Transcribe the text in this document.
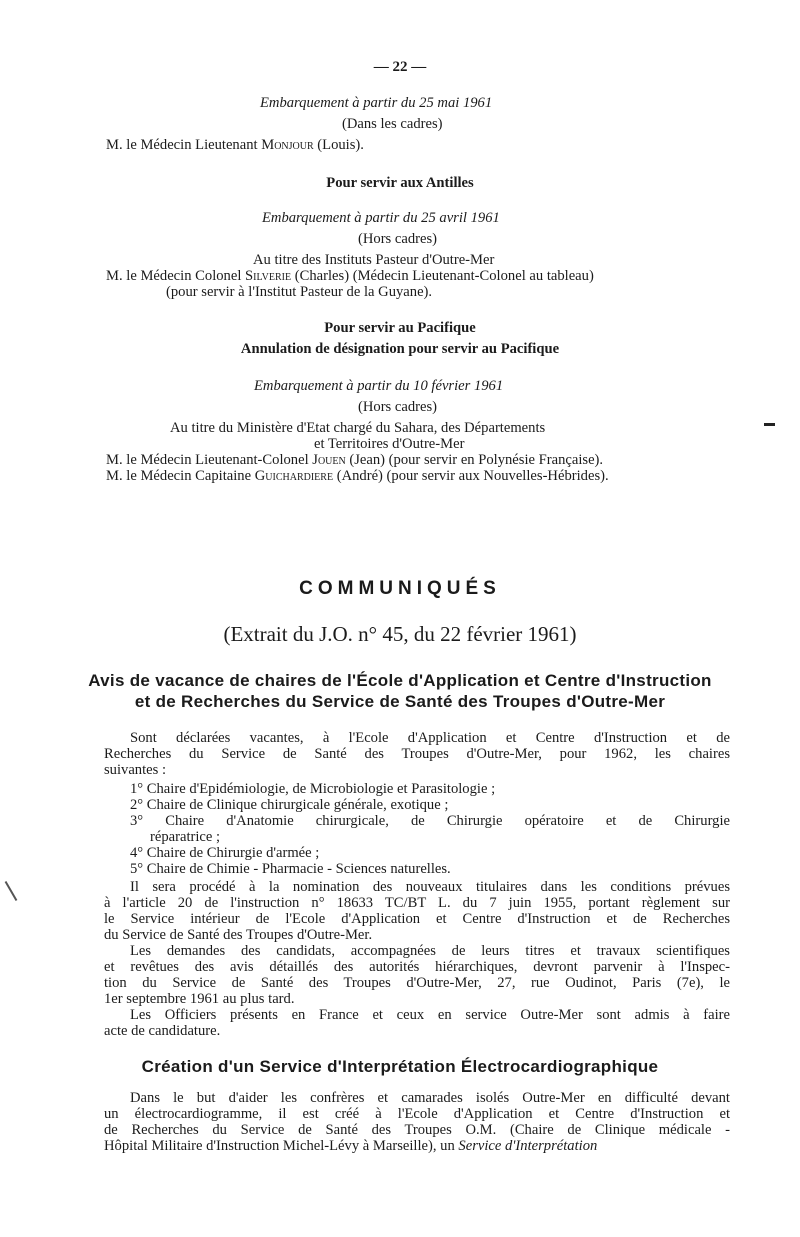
— 22 —
Embarquement à partir du 25 mai 1961
(Dans les cadres)
M. le Médecin Lieutenant Monjour (Louis).
Pour servir aux Antilles
Embarquement à partir du 25 avril 1961
(Hors cadres)
Au titre des Instituts Pasteur d'Outre-Mer
M. le Médecin Colonel Silverie (Charles) (Médecin Lieutenant-Colonel au tableau)
(pour servir à l'Institut Pasteur de la Guyane).
Pour servir au Pacifique
Annulation de désignation pour servir au Pacifique
Embarquement à partir du 10 février 1961
(Hors cadres)
Au titre du Ministère d'Etat chargé du Sahara, des Départements
et Territoires d'Outre-Mer
M. le Médecin Lieutenant-Colonel Jouen (Jean) (pour servir en Polynésie Française).
M. le Médecin Capitaine Guichardiere (André) (pour servir aux Nouvelles-Hébrides).
COMMUNIQUÉS
(Extrait du J.O. n° 45, du 22 février 1961)
Avis de vacance de chaires de l'École d'Application et Centre d'Instruction
et de Recherches du Service de Santé des Troupes d'Outre-Mer
Sont déclarées vacantes, à l'Ecole d'Application et Centre d'Instruction et de
Recherches du Service de Santé des Troupes d'Outre-Mer, pour 1962, les chaires
suivantes :
1° Chaire d'Epidémiologie, de Microbiologie et Parasitologie ;
2° Chaire de Clinique chirurgicale générale, exotique ;
3° Chaire d'Anatomie chirurgicale, de Chirurgie opératoire et de Chirurgie
réparatrice ;
4° Chaire de Chirurgie d'armée ;
5° Chaire de Chimie - Pharmacie - Sciences naturelles.
Il sera procédé à la nomination des nouveaux titulaires dans les conditions prévues
à l'article 20 de l'instruction n° 18633 TC/BT L. du 7 juin 1955, portant règlement sur
le Service intérieur de l'Ecole d'Application et Centre d'Instruction et de Recherches
du Service de Santé des Troupes d'Outre-Mer.
Les demandes des candidats, accompagnées de leurs titres et travaux scientifiques
et revêtues des avis détaillés des autorités hiérarchiques, devront parvenir à l'Inspec-
tion du Service de Santé des Troupes d'Outre-Mer, 27, rue Oudinot, Paris (7e), le
1er septembre 1961 au plus tard.
Les Officiers présents en France et ceux en service Outre-Mer sont admis à faire
acte de candidature.
Création d'un Service d'Interprétation Électrocardiographique
Dans le but d'aider les confrères et camarades isolés Outre-Mer en difficulté devant
un électrocardiogramme, il est créé à l'Ecole d'Application et Centre d'Instruction et
de Recherches du Service de Santé des Troupes O.M. (Chaire de Clinique médicale -
Hôpital Militaire d'Instruction Michel-Lévy à Marseille), un Service d'Interprétation
